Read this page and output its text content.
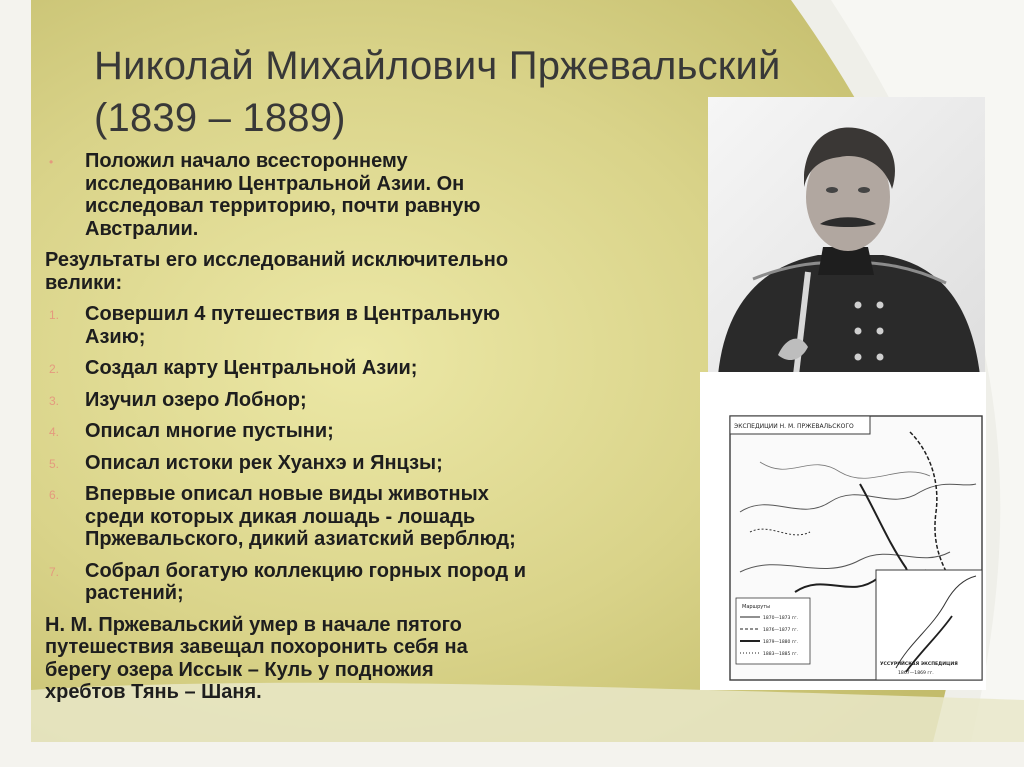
Николай Михайлович Пржевальский
(1839 – 1889)
• Положил начало всестороннему
исследованию Центральной Азии. Он
исследовал территорию, почти равную
Австралии.
Результаты его исследований исключительно
велики:
1. Совершил 4 путешествия в Центральную
Азию;
2. Создал карту Центральной Азии;
3. Изучил озеро Лобнор;
4. Описал многие пустыни;
5. Описал истоки рек Хуанхэ и Янцзы;
6. Впервые описал новые виды животных
среди которых дикая лошадь - лошадь
Пржевальского, дикий азиатский верблюд;
7. Собрал богатую коллекцию горных пород и
растений;
Н. М. Пржевальский умер в начале пятого
путешествия завещал похоронить себя на
берегу озера Иссык – Куль у подножия
хребтов Тянь – Шаня.
ЭКСПЕДИЦИИ Н. М. ПРЖЕВАЛЬСКОГО
Маршруты
1870—1873 гг.
1876—1877 гг.
1879—1880 гг.
1883—1885 гг.
УССУРИЙСКАЯ ЭКСПЕДИЦИЯ
1867—1869 гг.
